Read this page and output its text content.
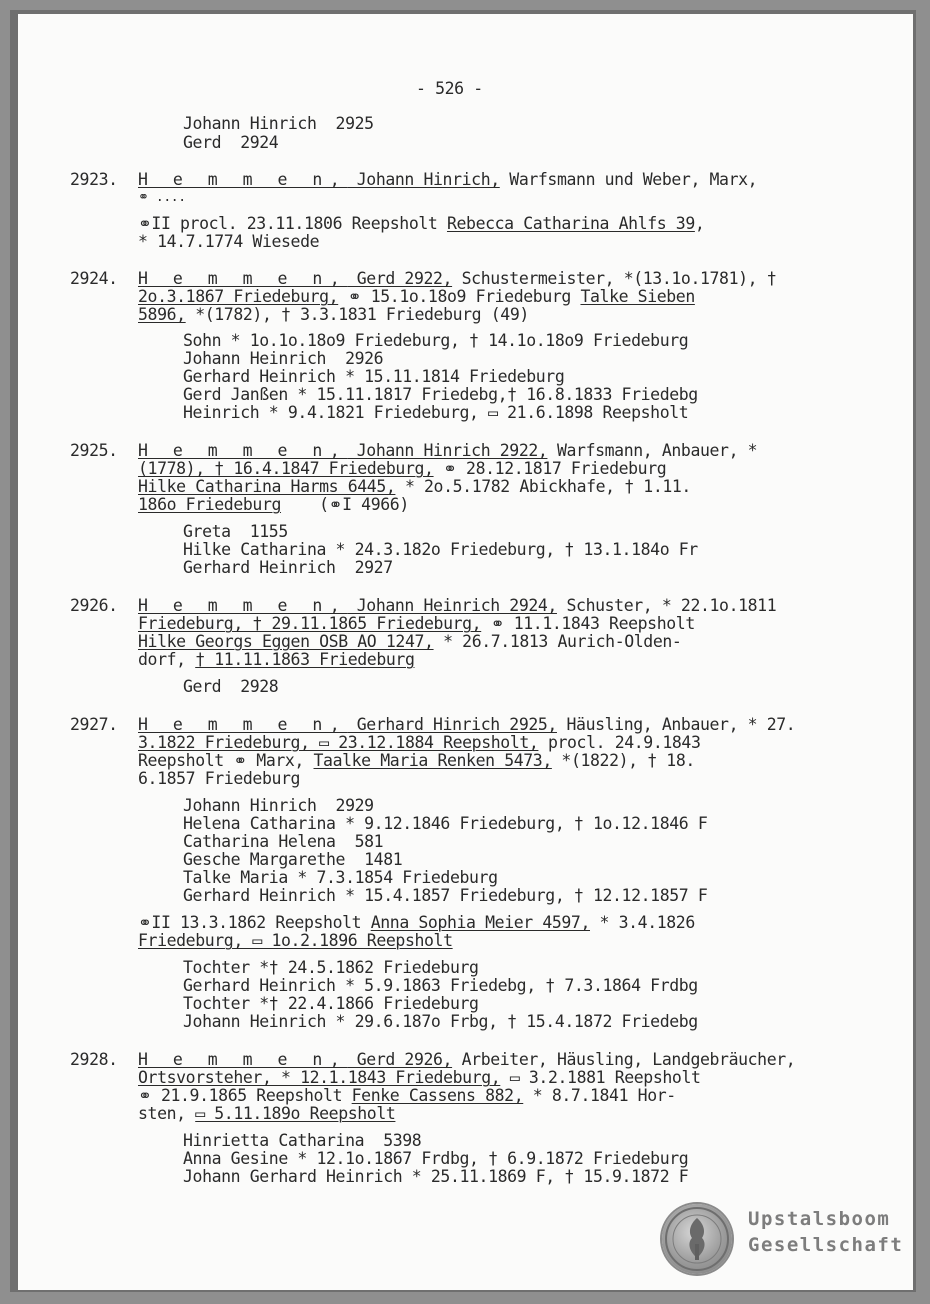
- 526 -
Johann Hinrich  2925
Gerd  2924
2923. H e m m e n, Johann Hinrich, Warfsmann und Weber, Marx,
⚭ ....
⚭II procl. 23.11.1806 Reepsholt Rebecca Catharina Ahlfs 39,
* 14.7.1774 Wiesede
2924. H e m m e n, Gerd 2922, Schustermeister, *(13.1o.1781), †
2o.3.1867 Friedeburg, ⚭ 15.1o.18o9 Friedeburg Talke Sieben
5896, *(1782), † 3.3.1831 Friedeburg (49)
Sohn * 1o.1o.18o9 Friedeburg, † 14.1o.18o9 Friedeburg
Johann Heinrich  2926
Gerhard Heinrich * 15.11.1814 Friedeburg
Gerd Janßen * 15.11.1817 Friedebg,† 16.8.1833 Friedebg
Heinrich * 9.4.1821 Friedeburg, ▭ 21.6.1898 Reepsholt
2925. H e m m e n, Johann Hinrich 2922, Warfsmann, Anbauer, *
(1778), † 16.4.1847 Friedeburg, ⚭ 28.12.1817 Friedeburg
Hilke Catharina Harms 6445, * 2o.5.1782 Abickhafe, † 1.11.
186o Friedeburg    (⚭I 4966)
Greta  1155
Hilke Catharina * 24.3.182o Friedeburg, † 13.1.184o Fr
Gerhard Heinrich  2927
2926. H e m m e n, Johann Heinrich 2924, Schuster, * 22.1o.1811
Friedeburg, † 29.11.1865 Friedeburg, ⚭ 11.1.1843 Reepsholt
Hilke Georgs Eggen OSB AO 1247, * 26.7.1813 Aurich-Olden-
dorf, † 11.11.1863 Friedeburg
Gerd  2928
2927. H e m m e n, Gerhard Hinrich 2925, Häusling, Anbauer, * 27.
3.1822 Friedeburg, ▭ 23.12.1884 Reepsholt, procl. 24.9.1843
Reepsholt ⚭ Marx, Taalke Maria Renken 5473, *(1822), † 18.
6.1857 Friedeburg
Johann Hinrich  2929
Helena Catharina * 9.12.1846 Friedeburg, † 1o.12.1846 F
Catharina Helena  581
Gesche Margarethe  1481
Talke Maria * 7.3.1854 Friedeburg
Gerhard Heinrich * 15.4.1857 Friedeburg, † 12.12.1857 F
⚭II 13.3.1862 Reepsholt Anna Sophia Meier 4597, * 3.4.1826
Friedeburg, ▭ 1o.2.1896 Reepsholt
Tochter *† 24.5.1862 Friedeburg
Gerhard Heinrich * 5.9.1863 Friedebg, † 7.3.1864 Frdbg
Tochter *† 22.4.1866 Friedeburg
Johann Heinrich * 29.6.187o Frbg, † 15.4.1872 Friedebg
2928. H e m m e n, Gerd 2926, Arbeiter, Häusling, Landgebräucher,
Ortsvorsteher, * 12.1.1843 Friedeburg, ▭ 3.2.1881 Reepsholt
⚭ 21.9.1865 Reepsholt Fenke Cassens 882, * 8.7.1841 Hor-
sten, ▭ 5.11.189o Reepsholt
Hinrietta Catharina  5398
Anna Gesine * 12.1o.1867 Frdbg, † 6.9.1872 Friedeburg
Johann Gerhard Heinrich * 25.11.1869 F, † 15.9.1872 F
Upstalsboom
Gesellschaft
